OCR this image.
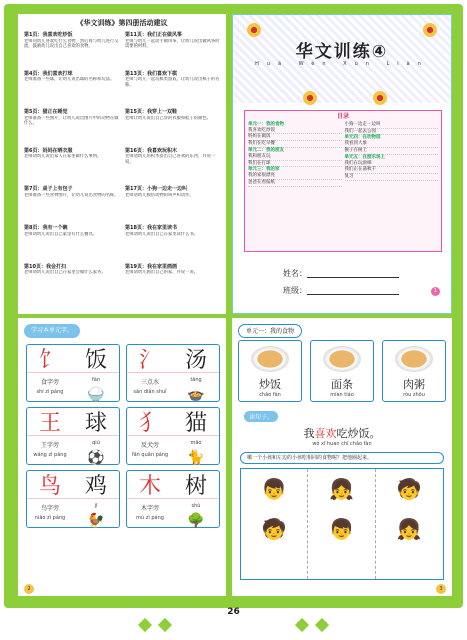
《华文训练》第四册活动建议
第1页：我喜欢吃炒饭

老师问幼儿喜欢吃什么食物，然后再与幼儿进行交流，鼓励幼儿说出自己喜欢的食物。

第11页：我们正在做风筝

老师与幼儿一起动手做风筝，让幼儿说出做风筝时需要的材料。

第4页：我们喜欢打球

老师准备一些球，让幼儿说出球的名称和玩法。

第13页：我们喜欢下棋

老师与幼儿一起玩棋类游戏，让幼儿说出棋子的名称。

第5页：猫正在睡觉

老师准备一些图片，让幼儿说出图片中的动物在做什么。

第15页：我穿上一双鞋

老师让幼儿说出自己穿的衣服和鞋子的颜色。

第6页：妈妈在晒衣服

老师请幼儿说出家人在家里做什么事情。

第16页：我喜欢玩积木

老师请幼儿用积木搭出自己喜欢的东西，并说一说。

第7页：桌子上有包子

老师准备一些食物图片，让幼儿说出食物的名称。

第17页：小狗一边走一边叫

老师请幼儿模仿动物的叫声和动作。

第8页：我有一个碗

老师请幼儿说出自己家里有什么餐具。

第18页：我在家里读书

老师请幼儿说出自己在家里读什么书。

第10页：我会打扫

老师请幼儿说出自己在家里会做什么家务。

第19页：我在家里画画

老师请幼儿画出自己的家，并说一说。

华文训练④
Huá Wén Xùn Liàn
目录
单元一：我的食物
我喜欢吃炒饭
妈妈在做饭
我们在吃早餐
单元二：我的朋友
我和朋友玩
我们在打球
单元三：我的家
我的家很漂亮
爸爸在看报纸
小狗一边走一边叫
我们一起去公园
单元四：在动物园
我看到大象
猴子在树上
单元五：在游乐场上
我们在玩滑梯
我们正在荡秋千
复习
姓名：
班级：	1
学习本单元字。
饣	饭
食字旁
shí zì páng
fàn
🍚
氵	汤
三点水
sān diǎn shuǐ
tāng
🍲
王	球
王字旁
wáng zì páng
qiú
⚽
犭	猫
反犬旁
fǎn quǎn páng
māo
🐈
鸟	鸡
鸟字旁
niǎo zì páng
jī
🐓
木	树
木字旁
mù zì páng
shù
🌳
2
单元一：我的食物
炒饭
chǎo fàn
面条
miàn tiáo
肉粥
ròu zhōu
读句子。
我喜欢吃炒饭。
wǒ xǐ huan chī chǎo fàn
哪一个小孩和左边的小孩吃相同的食物呢？把他圈起来。
👦
🧒
👧
👦
🧒
👧
3
26
